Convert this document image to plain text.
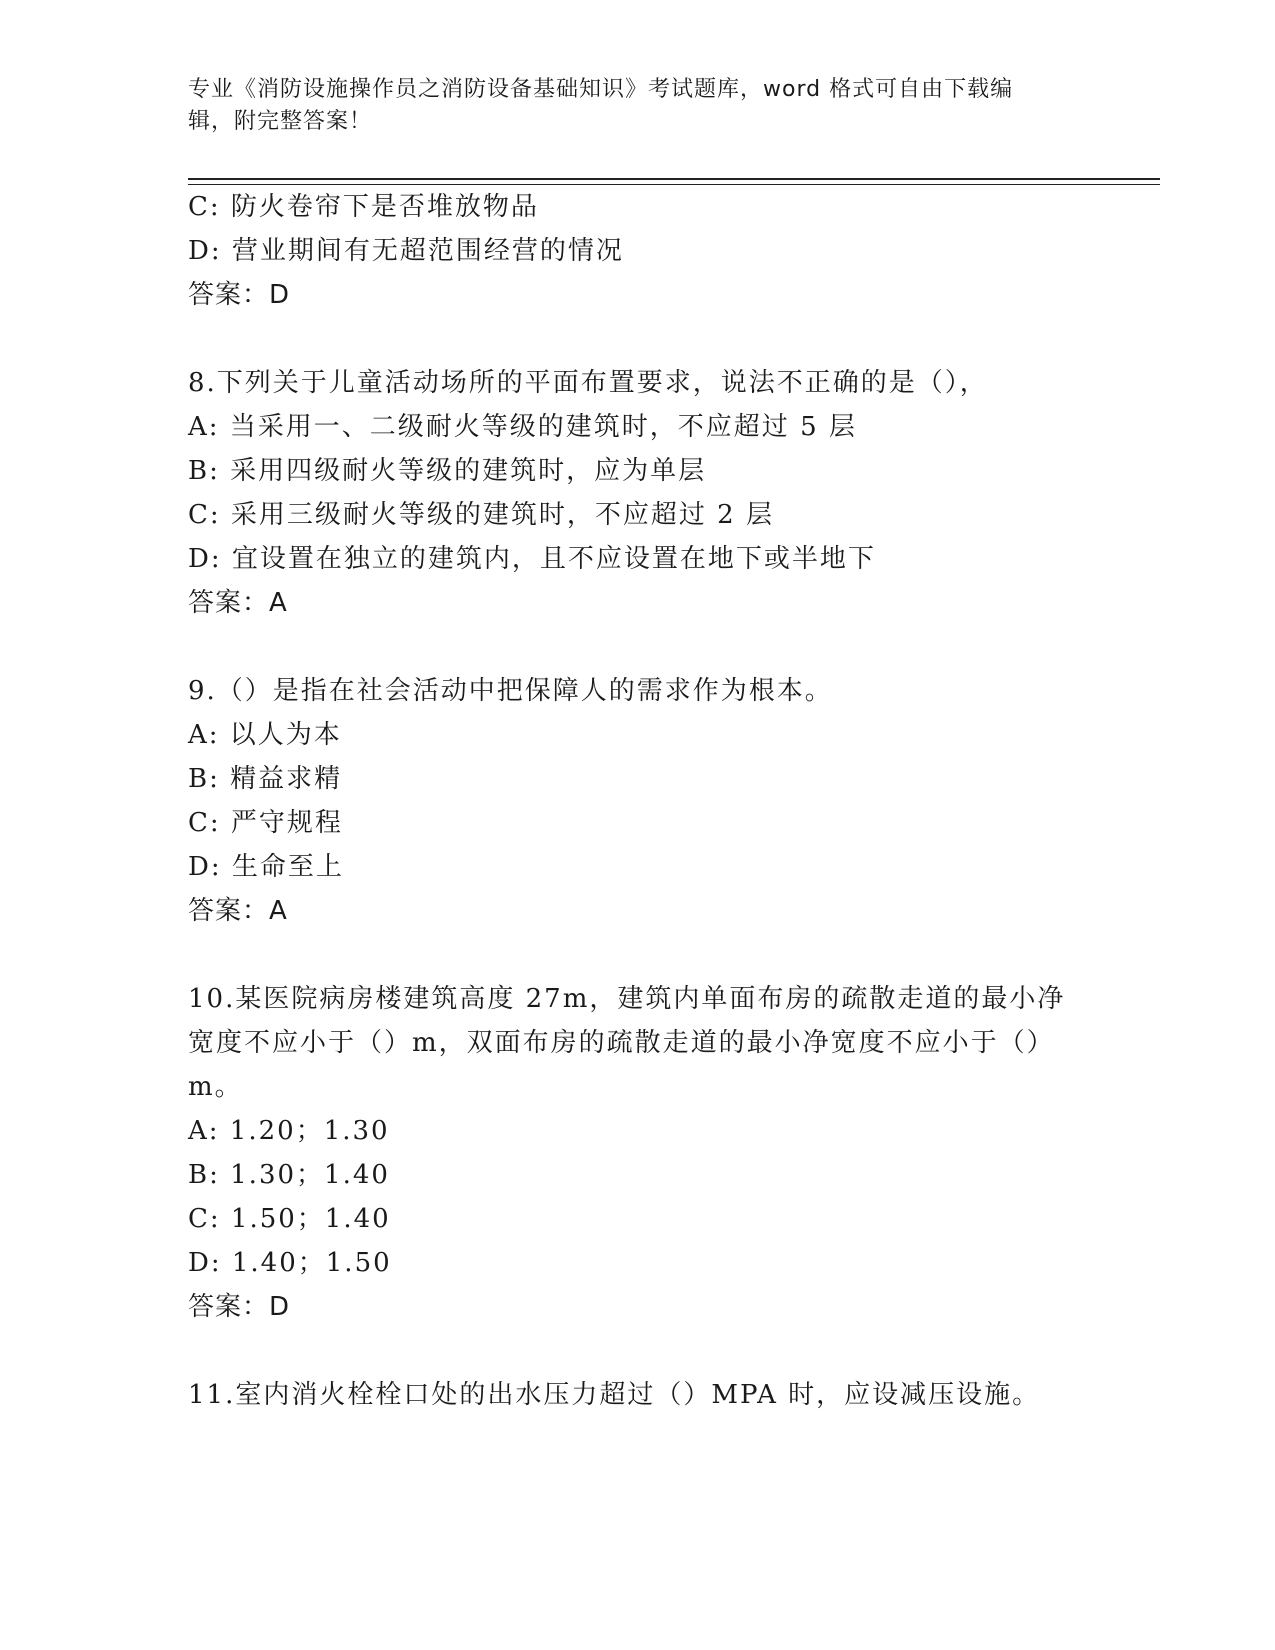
专业《消防设施操作员之消防设备基础知识》考试题库，word 格式可自由下载编
辑，附完整答案！
C: 防火卷帘下是否堆放物品
D: 营业期间有无超范围经营的情况
答案：D
8.下列关于儿童活动场所的平面布置要求，说法不正确的是（），
A: 当采用一、二级耐火等级的建筑时，不应超过 5 层
B: 采用四级耐火等级的建筑时，应为单层
C: 采用三级耐火等级的建筑时，不应超过 2 层
D: 宜设置在独立的建筑内，且不应设置在地下或半地下
答案：A
9.（）是指在社会活动中把保障人的需求作为根本。
A: 以人为本
B: 精益求精
C: 严守规程
D: 生命至上
答案：A
10.某医院病房楼建筑高度 27m，建筑内单面布房的疏散走道的最小净
宽度不应小于（）m，双面布房的疏散走道的最小净宽度不应小于（）
m。
A: 1.20；1.30
B: 1.30；1.40
C: 1.50；1.40
D: 1.40；1.50
答案：D
11.室内消火栓栓口处的出水压力超过（）MPA 时，应设减压设施。
